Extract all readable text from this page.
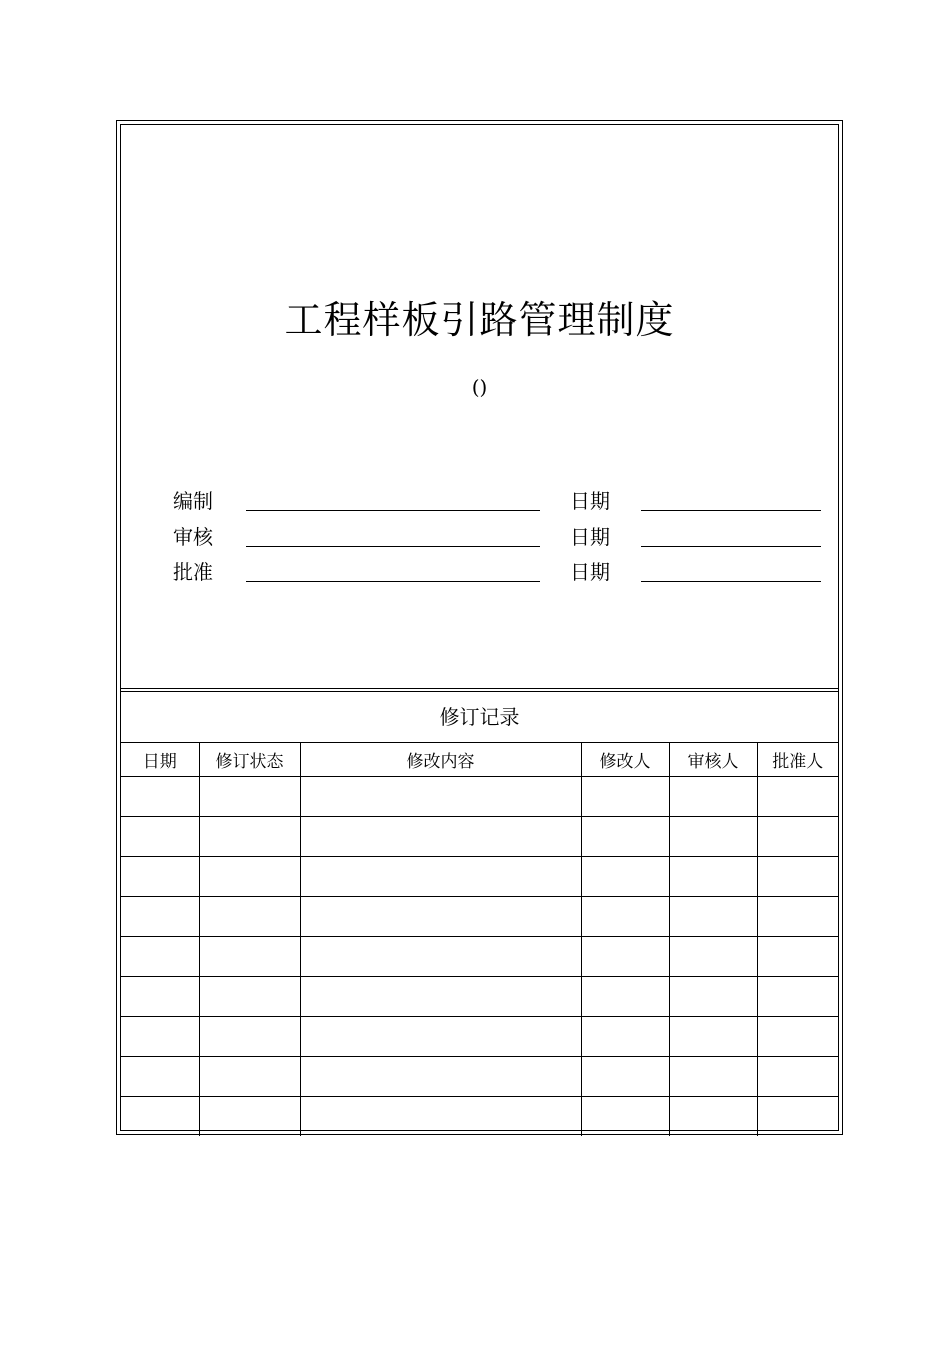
工程样板引路管理制度
()
编制	日期
审核	日期
批准	日期
修订记录
日期	修订状态	修改内容	修改人	审核人	批准人
